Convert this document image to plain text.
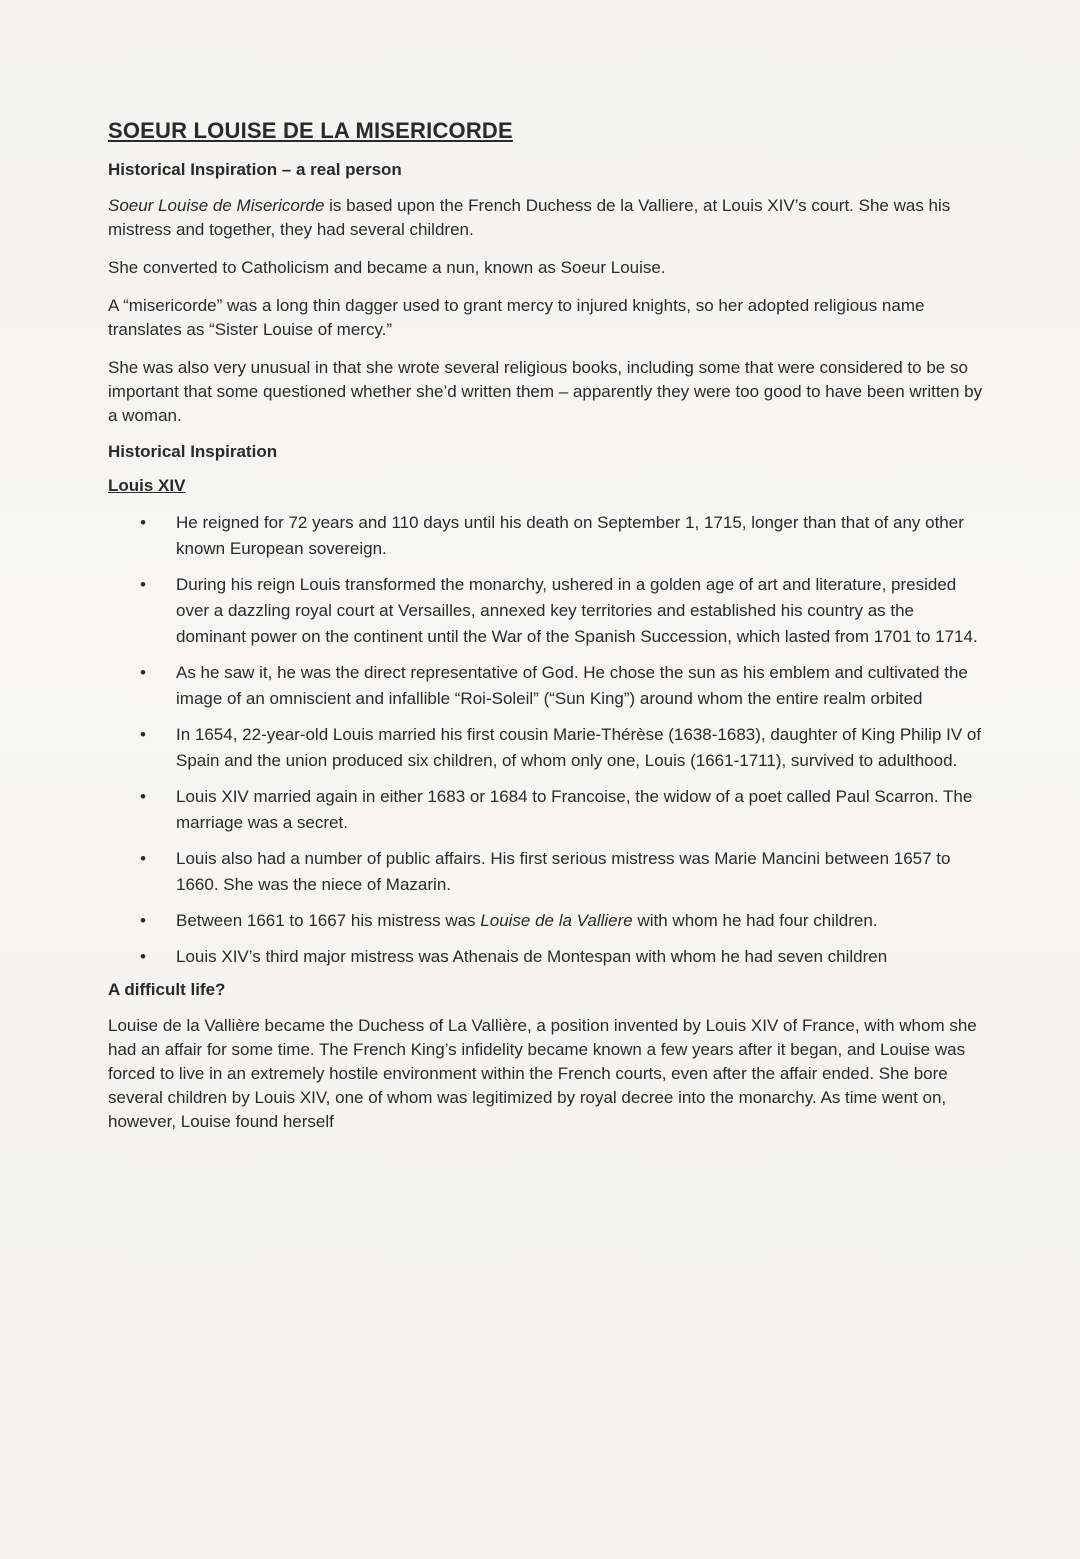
SOEUR LOUISE DE LA MISERICORDE
Historical Inspiration – a real person

Soeur Louise de Misericorde is based upon the French Duchess de la Valliere, at Louis XIV’s court. She was his mistress and together, they had several children.

She converted to Catholicism and became a nun, known as Soeur Louise.

A “misericorde” was a long thin dagger used to grant mercy to injured knights, so her adopted religious name translates as “Sister Louise of mercy.”

She was also very unusual in that she wrote several religious books, including some that were considered to be so important that some questioned whether she’d written them – apparently they were too good to have been written by a woman.

Historical Inspiration
Louis XIV
• He reigned for 72 years and 110 days until his death on September 1, 1715, longer than that of any other known European sovereign.
• During his reign Louis transformed the monarchy, ushered in a golden age of art and literature, presided over a dazzling royal court at Versailles, annexed key territories and established his country as the dominant power on the continent until the War of the Spanish Succession, which lasted from 1701 to 1714.
• As he saw it, he was the direct representative of God. He chose the sun as his emblem and cultivated the image of an omniscient and infallible “Roi-Soleil” (“Sun King”) around whom the entire realm orbited
• In 1654, 22-year-old Louis married his first cousin Marie-Thérèse (1638-1683), daughter of King Philip IV of Spain and the union produced six children, of whom only one, Louis (1661-1711), survived to adulthood.
• Louis XIV married again in either 1683 or 1684 to Francoise, the widow of a poet called Paul Scarron. The marriage was a secret.
• Louis also had a number of public affairs. His first serious mistress was Marie Mancini between 1657 to 1660. She was the niece of Mazarin.
• Between 1661 to 1667 his mistress was Louise de la Valliere with whom he had four children.
• Louis XIV’s third major mistress was Athenais de Montespan with whom he had seven children
A difficult life?

Louise de la Vallière became the Duchess of La Vallière, a position invented by Louis XIV of France, with whom she had an affair for some time. The French King’s infidelity became known a few years after it began, and Louise was forced to live in an extremely hostile environment within the French courts, even after the affair ended. She bore several children by Louis XIV, one of whom was legitimized by royal decree into the monarchy. As time went on, however, Louise found herself
